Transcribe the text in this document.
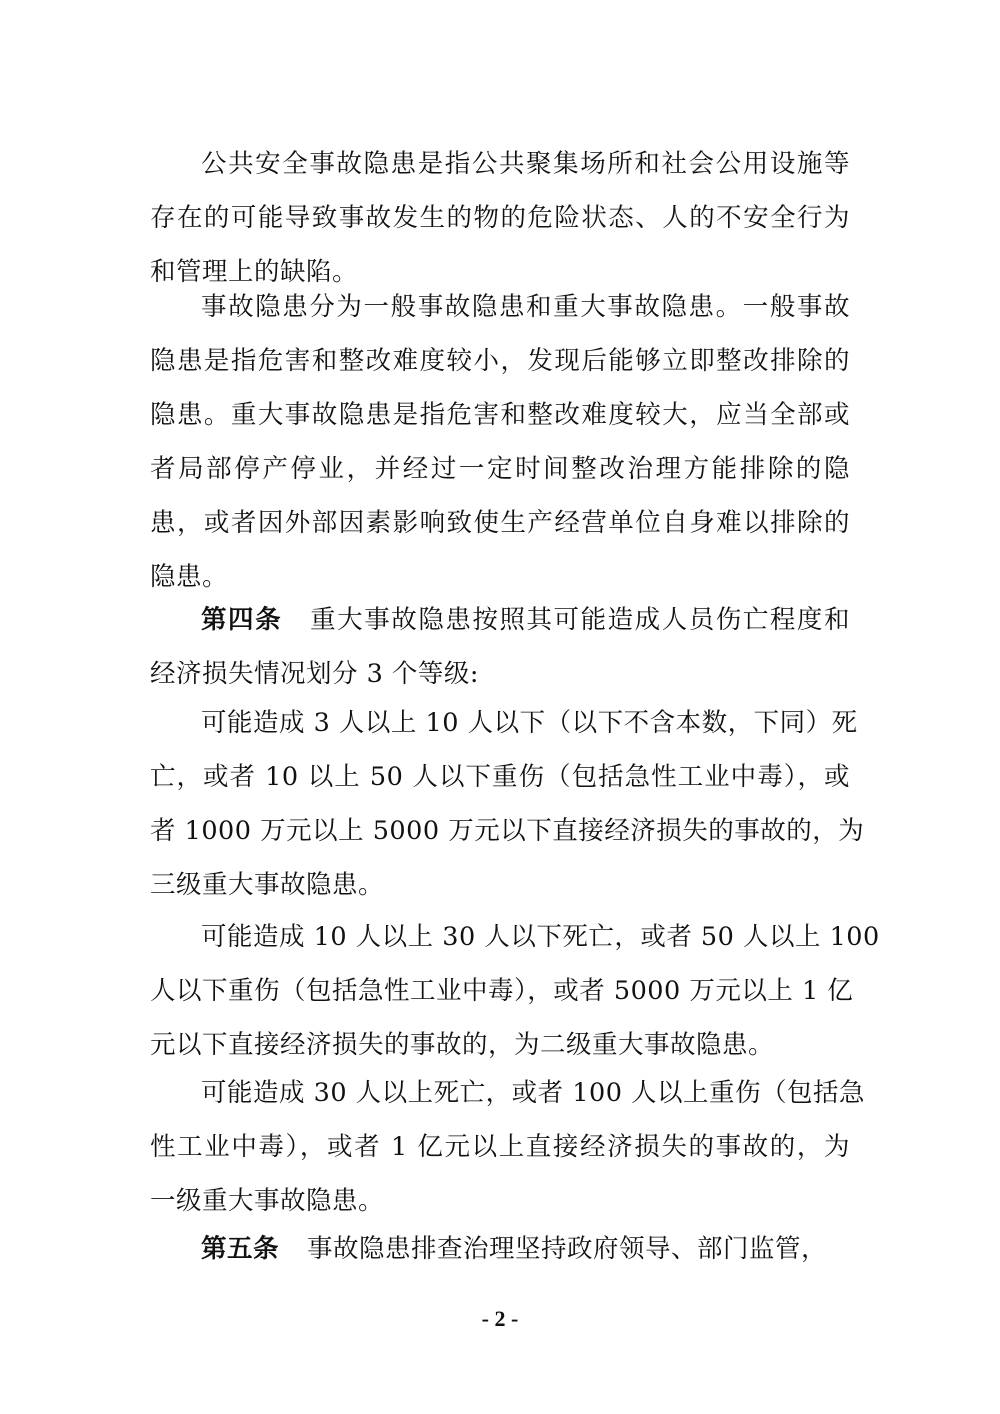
公共安全事故隐患是指公共聚集场所和社会公用设施等
存在的可能导致事故发生的物的危险状态、人的不安全行为
和管理上的缺陷。
事故隐患分为一般事故隐患和重大事故隐患。一般事故
隐患是指危害和整改难度较小，发现后能够立即整改排除的
隐患。重大事故隐患是指危害和整改难度较大，应当全部或
者局部停产停业，并经过一定时间整改治理方能排除的隐
患，或者因外部因素影响致使生产经营单位自身难以排除的
隐患。
第四条 重大事故隐患按照其可能造成人员伤亡程度和
经济损失情况划分 3 个等级:
可能造成 3 人以上 10 人以下（以下不含本数，下同）死
亡，或者 10 以上 50 人以下重伤（包括急性工业中毒），或
者 1000 万元以上 5000 万元以下直接经济损失的事故的，为
三级重大事故隐患。
可能造成 10 人以上 30 人以下死亡，或者 50 人以上 100
人以下重伤（包括急性工业中毒），或者 5000 万元以上 1 亿
元以下直接经济损失的事故的，为二级重大事故隐患。
可能造成 30 人以上死亡，或者 100 人以上重伤（包括急
性工业中毒），或者 1 亿元以上直接经济损失的事故的，为
一级重大事故隐患。
第五条 事故隐患排查治理坚持政府领导、部门监管，
- 2 -
